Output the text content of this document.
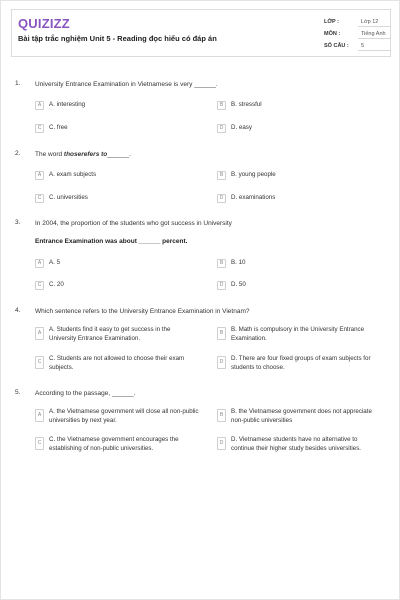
QUIZIZZ
Bài tập trắc nghiệm Unit 5 - Reading đọc hiểu có đáp án
LỚP :	Lớp 12
MÔN :	Tiếng Anh
SỐ CÂU :	5
1. University Entrance Examination in Vietnamese is very ______.
A	A. interesting	B	B. stressful
C	C. free	D	D. easy
2. The word thoserefers to______.
A	A. exam subjects	B	B. young people
C	C. universities	D	D. examinations
3. In 2004, the proportion of the students who got success in University
Entrance Examination was about ______ percent.
A	A. 5	B	B. 10
C	C. 20	D	D. 50
4. Which sentence refers to the University Entrance Examination in Vietnam?
A	A. Students find it easy to get success in the University Entrance Examination.
B	B. Math is compulsory in the University Entrance Examination.
C	C. Students are not allowed to choose their exam subjects.
D	D. There are four fixed groups of exam subjects for students to choose.
5. According to the passage, ______.
A	A. the Vietnamese government will close all non-public universities by next year.
B	B. the Vietnamese government does not appreciate non-public universities
C	C. the Vietnamese government encourages the establishing of non-public universities.
D	D. Vietnamese students have no alternative to continue their higher study besides universities.
